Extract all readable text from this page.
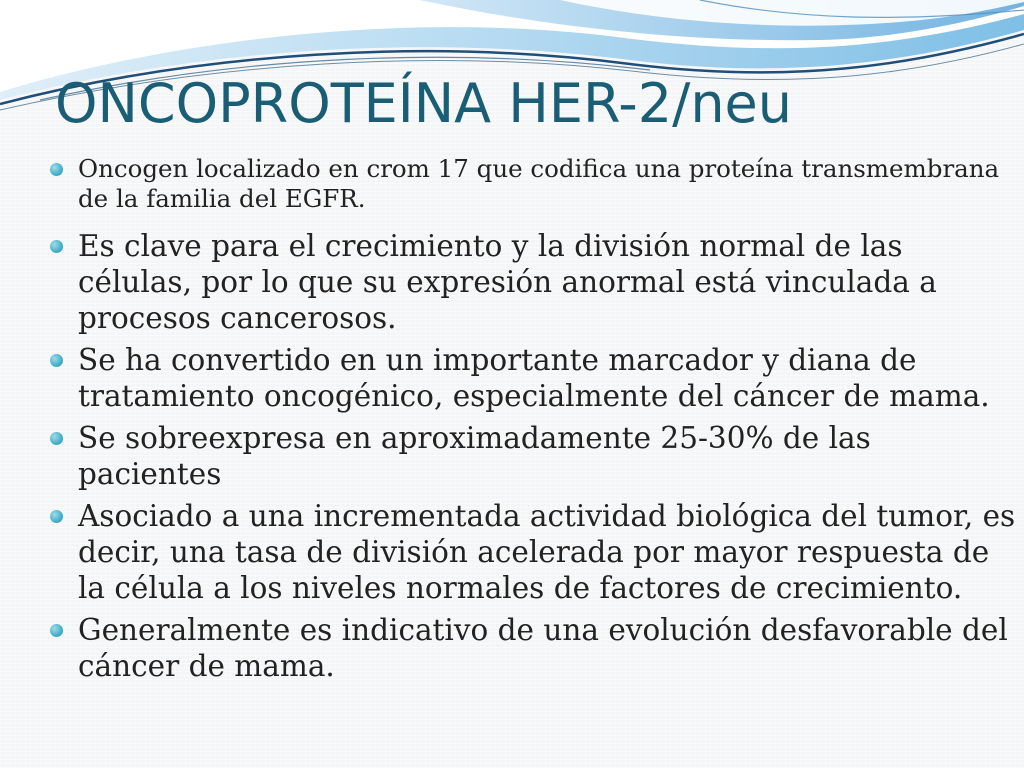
ONCOPROTEÍNA HER-2/neu
Oncogen localizado en crom 17 que codifica una proteína transmembrana de la familia del EGFR.
Es clave para el crecimiento y la división normal de las células, por lo que su expresión anormal está vinculada a procesos cancerosos.
Se ha convertido en un importante marcador y diana de tratamiento oncogénico, especialmente del cáncer de mama.
Se sobreexpresa en aproximadamente 25-30% de las pacientes
Asociado a una incrementada actividad biológica del tumor, es decir, una tasa de división acelerada por mayor respuesta de la célula a los niveles normales de factores de crecimiento.
Generalmente es indicativo de una evolución desfavorable del cáncer de mama.
